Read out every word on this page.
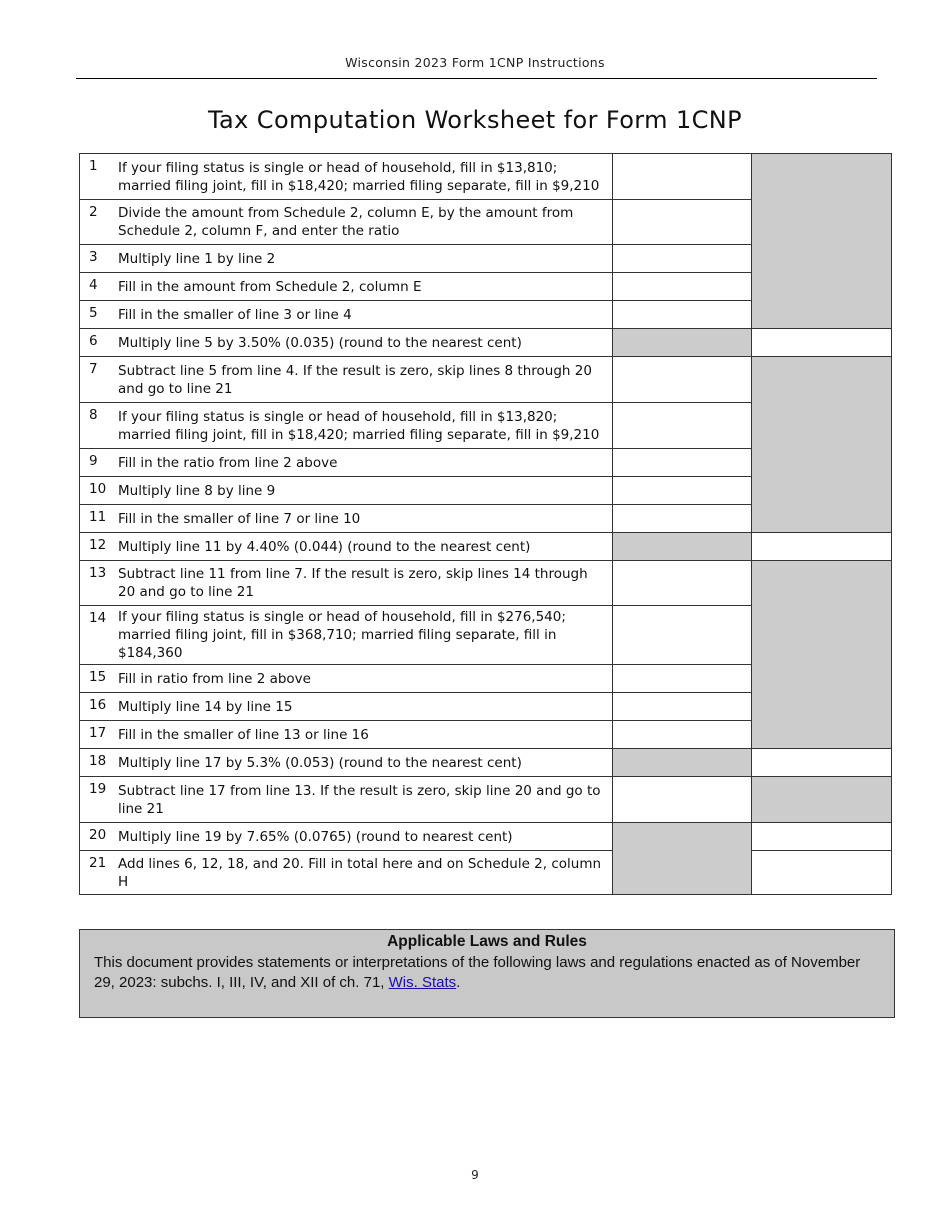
Wisconsin 2023 Form 1CNP Instructions
Tax Computation Worksheet for Form 1CNP
1 If your filing status is single or head of household, fill in $13,810; married filing joint, fill in $18,420; married filing separate, fill in $9,210		

2 Divide the amount from Schedule 2, column E, by the amount from Schedule 2, column F, and enter the ratio		

3 Multiply line 1 by line 2		

4 Fill in the amount from Schedule 2, column E		

5 Fill in the smaller of line 3 or line 4		

6 Multiply line 5 by 3.50% (0.035) (round to the nearest cent)		

7 Subtract line 5 from line 4. If the result is zero, skip lines 8 through 20 and go to line 21		

8 If your filing status is single or head of household, fill in $13,820; married filing joint, fill in $18,420; married filing separate, fill in $9,210		

9 Fill in the ratio from line 2 above		

10 Multiply line 8 by line 9		

11 Fill in the smaller of line 7 or line 10		

12 Multiply line 11 by 4.40% (0.044) (round to the nearest cent)		

13 Subtract line 11 from line 7. If the result is zero, skip lines 14 through 20 and go to line 21		

14 If your filing status is single or head of household, fill in $276,540; married filing joint, fill in $368,710; married filing separate, fill in $184,360		

15 Fill in ratio from line 2 above		

16 Multiply line 14 by line 15		

17 Fill in the smaller of line 13 or line 16		

18 Multiply line 17 by 5.3% (0.053) (round to the nearest cent)		

19 Subtract line 17 from line 13. If the result is zero, skip line 20 and go to line 21		

20 Multiply line 19 by 7.65% (0.0765) (round to nearest cent)		

21 Add lines 6, 12, 18, and 20. Fill in total here and on Schedule 2, column H		
Applicable Laws and Rules
This document provides statements or interpretations of the following laws and regulations enacted as of November 29, 2023: subchs. I, III, IV, and XII of ch. 71, Wis. Stats.
9
